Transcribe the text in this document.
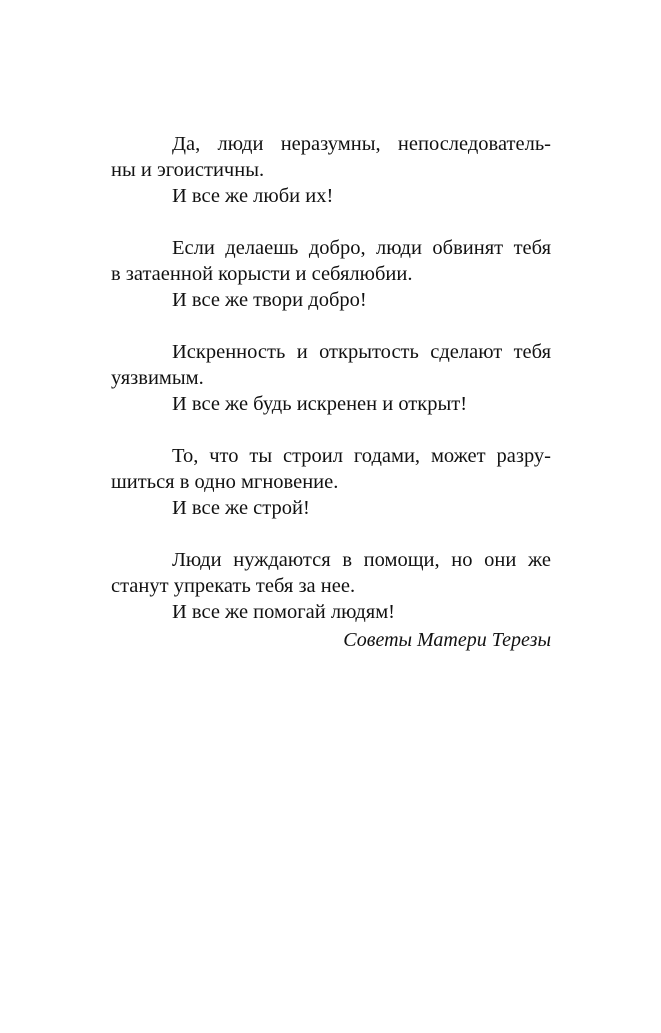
Да, люди неразумны, непоследователь-
ны и эгоистичны.
И все же люби их!
Если делаешь добро, люди обвинят тебя
в затаенной корысти и себялюбии.
И все же твори добро!
Искренность и открытость сделают тебя
уязвимым.
И все же будь искренен и открыт!
То, что ты строил годами, может разру-
шиться в одно мгновение.
И все же строй!
Люди нуждаются в помощи, но они же
станут упрекать тебя за нее.
И все же помогай людям!
Советы Матери Терезы
